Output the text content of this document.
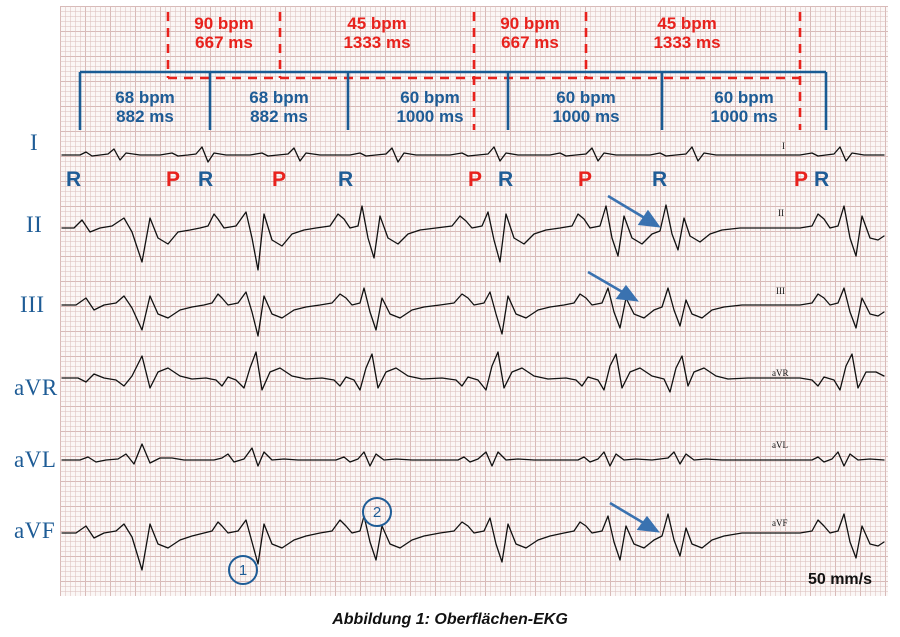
I
II
III
aVR
aVL
aVF
I
II
III
aVR
aVL
aVF
90 bpm
667 ms
45 bpm
1333 ms
90 bpm
667 ms
45 bpm
1333 ms
68 bpm
882 ms
68 bpm
882 ms
60 bpm
1000 ms
60 bpm
1000 ms
60 bpm
1000 ms
R	P R	P R	P R	P	R	P R
1
2
50 mm/s
Abbildung 1: Oberflächen-EKG
